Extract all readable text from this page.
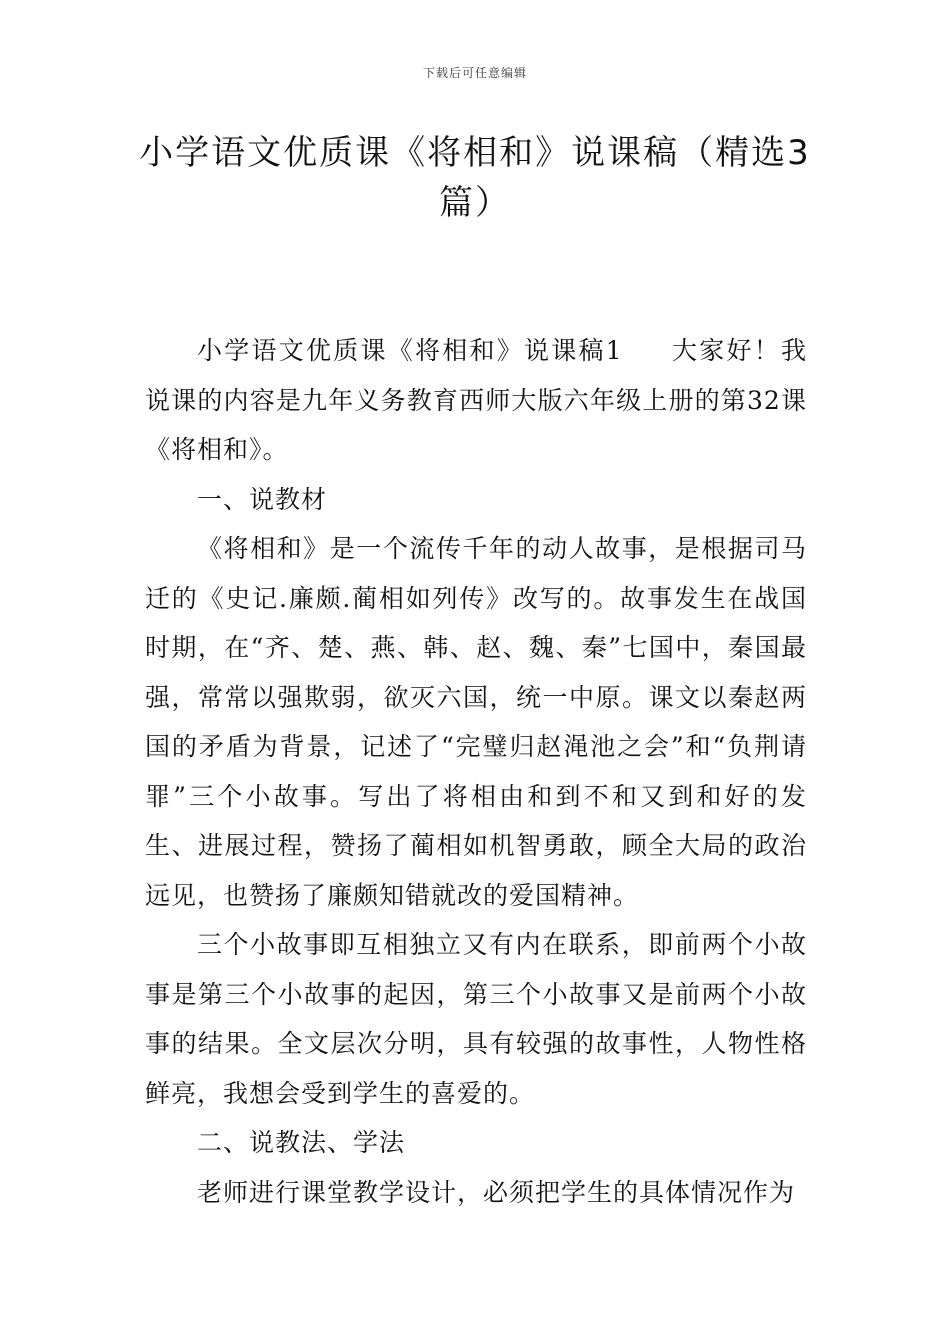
下载后可任意编辑
小学语文优质课《将相和》说课稿（精选3篇）

小学语文优质课《将相和》说课稿1 大家好！我说课的内容是九年义务教育西师大版六年级上册的第32课《将相和》。

一、说教材

《将相和》是一个流传千年的动人故事，是根据司马迁的《史记.廉颇.蔺相如列传》改写的。故事发生在战国时期，在“齐、楚、燕、韩、赵、魏、秦”七国中，秦国最强，常常以强欺弱，欲灭六国，统一中原。课文以秦赵两国的矛盾为背景，记述了“完璧归赵渑池之会”和“负荆请罪”三个小故事。写出了将相由和到不和又到和好的发生、进展过程，赞扬了蔺相如机智勇敢，顾全大局的政治远见，也赞扬了廉颇知错就改的爱国精神。

三个小故事即互相独立又有内在联系，即前两个小故事是第三个小故事的起因，第三个小故事又是前两个小故事的结果。全文层次分明，具有较强的故事性，人物性格鲜亮，我想会受到学生的喜爱的。

二、说教法、学法

老师进行课堂教学设计，必须把学生的具体情况作为
